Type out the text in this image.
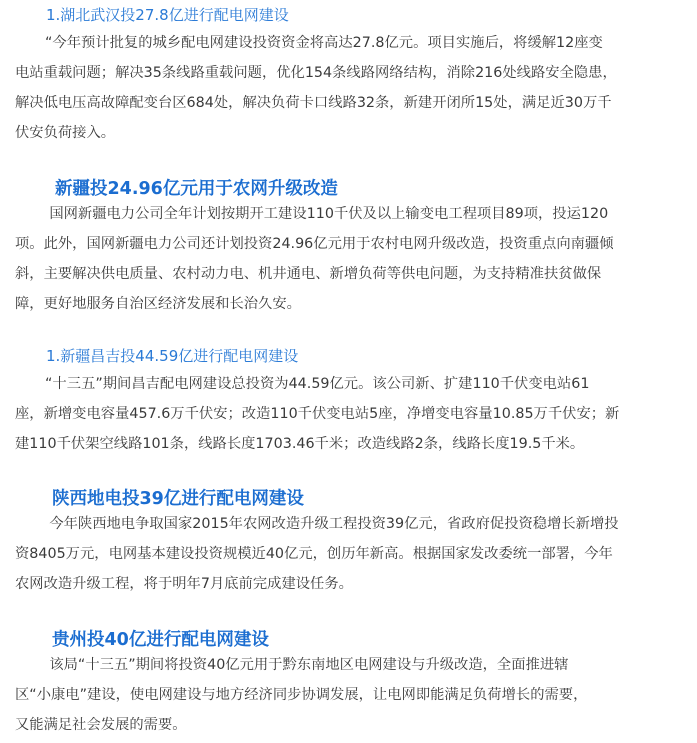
1.湖北武汉投27.8亿进行配电网建设
“今年预计批复的城乡配电网建设投资资金将高达27.8亿元。项目实施后，将缓解12座变
电站重载问题；解决35条线路重载问题，优化154条线路网络结构，消除216处线路安全隐患，
解决低电压高故障配变台区684处，解决负荷卡口线路32条，新建开闭所15处，满足近30万千
伏安负荷接入。
新疆投24.96亿元用于农网升级改造
国网新疆电力公司全年计划按期开工建设110千伏及以上输变电工程项目89项，投运120
项。此外，国网新疆电力公司还计划投资24.96亿元用于农村电网升级改造，投资重点向南疆倾
斜，主要解决供电质量、农村动力电、机井通电、新增负荷等供电问题，为支持精准扶贫做保
障，更好地服务自治区经济发展和长治久安。
1.新疆昌吉投44.59亿进行配电网建设
“十三五”期间昌吉配电网建设总投资为44.59亿元。该公司新、扩建110千伏变电站61
座，新增变电容量457.6万千伏安；改造110千伏变电站5座，净增变电容量10.85万千伏安；新
建110千伏架空线路101条，线路长度1703.46千米；改造线路2条，线路长度19.5千米。
陕西地电投39亿进行配电网建设
今年陕西地电争取国家2015年农网改造升级工程投资39亿元，省政府促投资稳增长新增投
资8405万元，电网基本建设投资规模近40亿元，创历年新高。根据国家发改委统一部署，今年
农网改造升级工程，将于明年7月底前完成建设任务。
贵州投40亿进行配电网建设
该局“十三五”期间将投资40亿元用于黔东南地区电网建设与升级改造，全面推进辖
区“小康电”建设，使电网建设与地方经济同步协调发展，让电网即能满足负荷增长的需要，
又能满足社会发展的需要。
